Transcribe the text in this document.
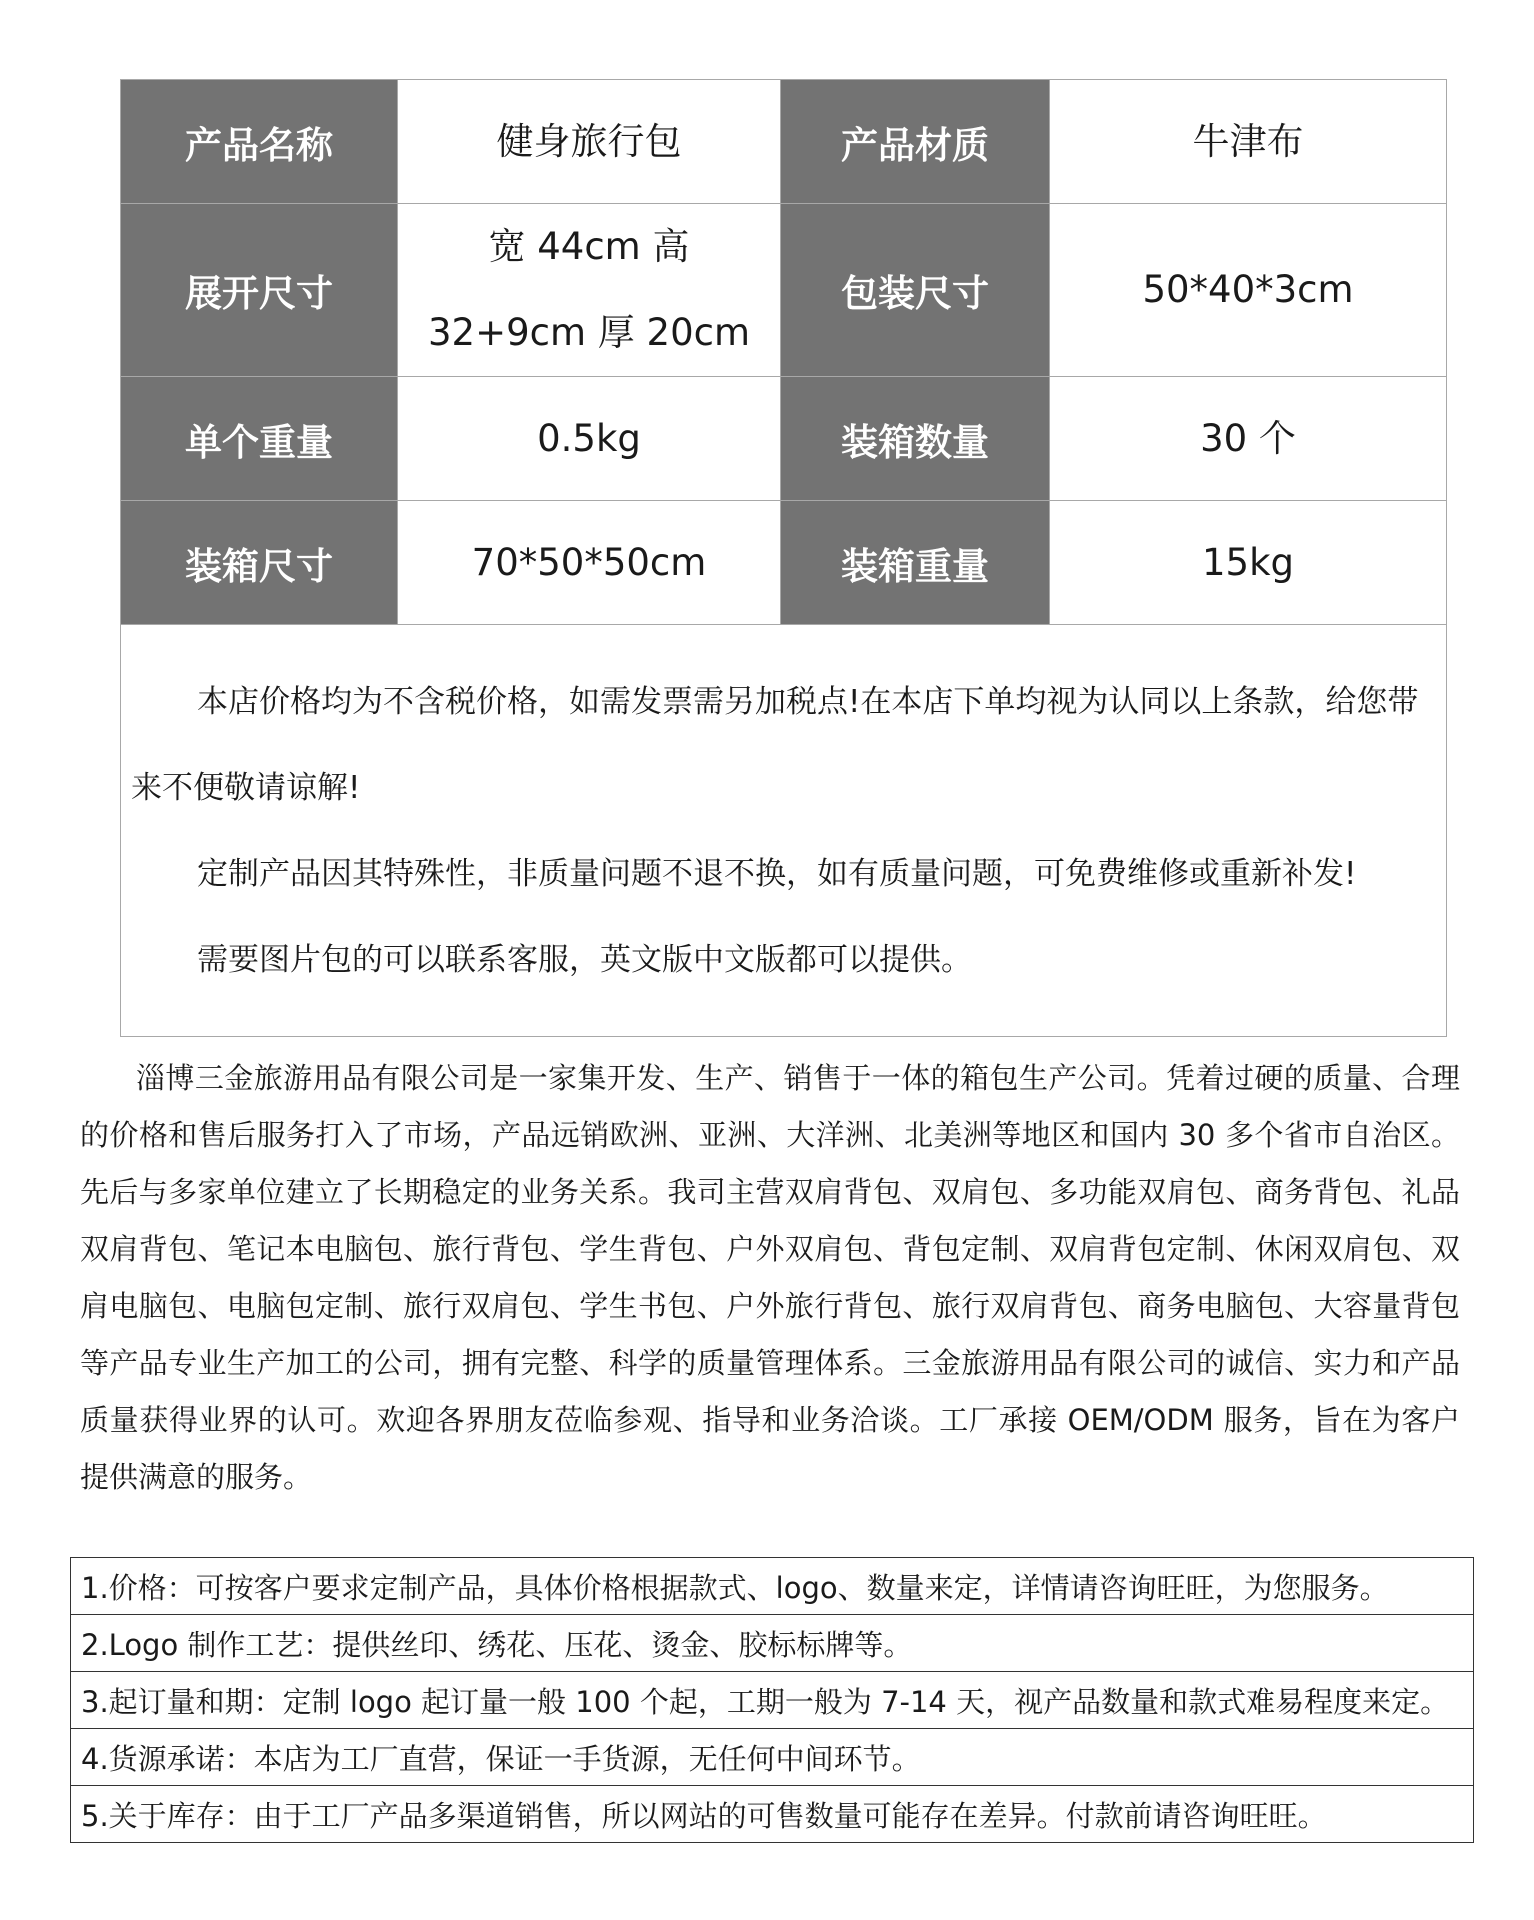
产品名称	健身旅行包	产品材质	牛津布
展开尺寸	宽 44cm 高 32+9cm 厚 20cm	包装尺寸	50*40*3cm
单个重量	0.5kg	装箱数量	30 个
装箱尺寸	70*50*50cm	装箱重量	15kg

本店价格均为不含税价格，如需发票需另加税点!在本店下单均视为认同以上条款，给您带来不便敬请谅解!

定制产品因其特殊性，非质量问题不退不换，如有质量问题，可免费维修或重新补发!

需要图片包的可以联系客服，英文版中文版都可以提供。			

淄博三金旅游用品有限公司是一家集开发、生产、销售于一体的箱包生产公司。凭着过硬的质量、合理的价格和售后服务打入了市场，产品远销欧洲、亚洲、大洋洲、北美洲等地区和国内 30 多个省市自治区。先后与多家单位建立了长期稳定的业务关系。我司主营双肩背包、双肩包、多功能双肩包、商务背包、礼品双肩背包、笔记本电脑包、旅行背包、学生背包、户外双肩包、背包定制、双肩背包定制、休闲双肩包、双肩电脑包、电脑包定制、旅行双肩包、学生书包、户外旅行背包、旅行双肩背包、商务电脑包、大容量背包等产品专业生产加工的公司，拥有完整、科学的质量管理体系。三金旅游用品有限公司的诚信、实力和产品质量获得业界的认可。欢迎各界朋友莅临参观、指导和业务洽谈。工厂承接 OEM/ODM 服务，旨在为客户提供满意的服务。

1.价格：可按客户要求定制产品，具体价格根据款式、logo、数量来定，详情请咨询旺旺，为您服务。
2.Logo 制作工艺：提供丝印、绣花、压花、烫金、胶标标牌等。
3.起订量和期：定制 logo 起订量一般 100 个起，工期一般为 7-14 天，视产品数量和款式难易程度来定。
4.货源承诺：本店为工厂直营，保证一手货源，无任何中间环节。
5.关于库存：由于工厂产品多渠道销售，所以网站的可售数量可能存在差异。付款前请咨询旺旺。
